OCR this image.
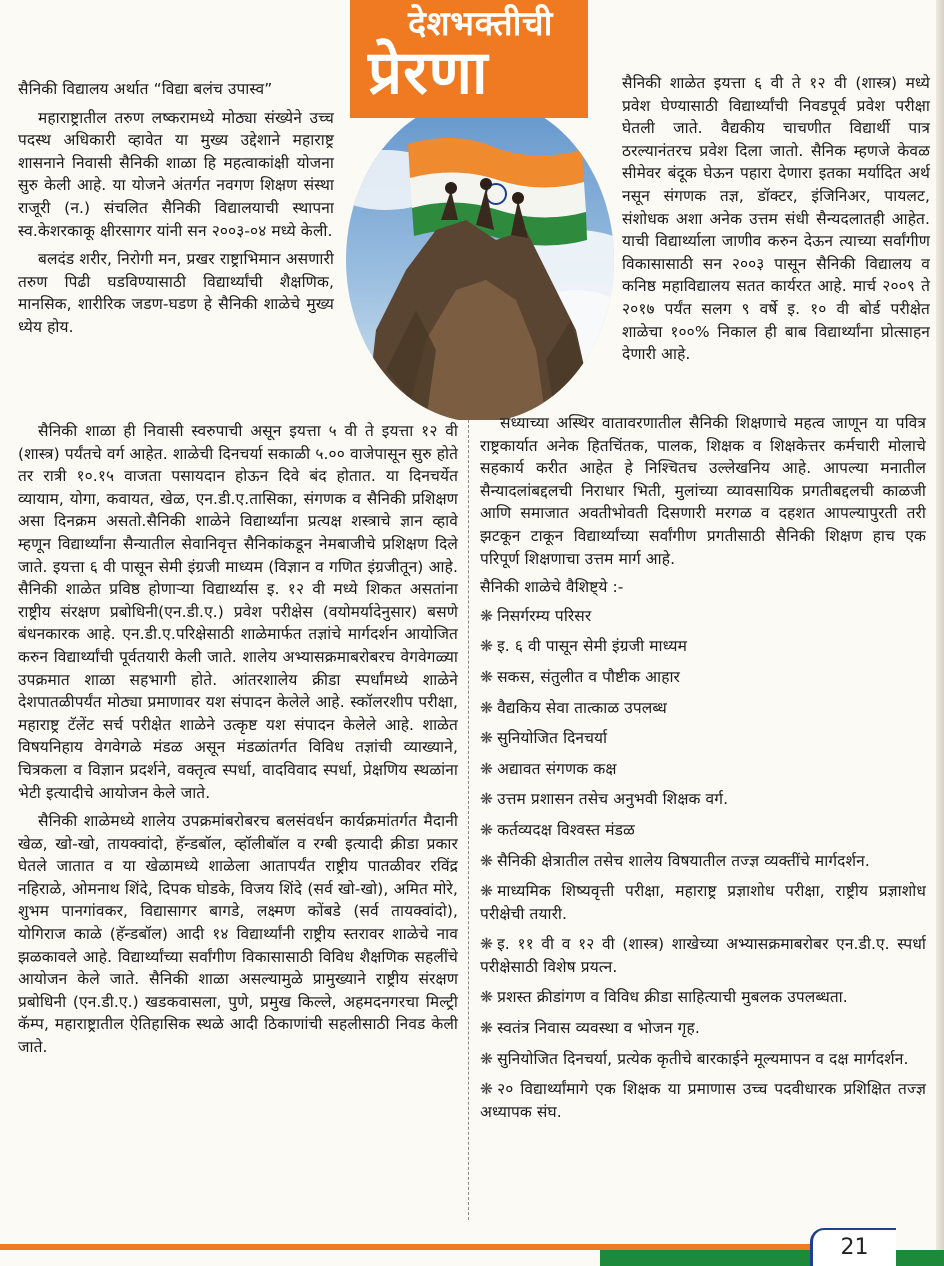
देशभक्तीची
प्रेरणा

सैनिकी विद्यालय अर्थात “विद्या बलंच उपास्व”

महाराष्ट्रातील तरुण लष्करामध्ये मोठ्या संख्येने उच्च पदस्थ अधिकारी व्हावेत या मुख्य उद्देशाने महाराष्ट्र शासनाने निवासी सैनिकी शाळा हि महत्वाकांक्षी योजना सुरु केली आहे. या योजने अंतर्गत नवगण शिक्षण संस्था राजूरी (न.) संचलित सैनिकी विद्यालयाची स्थापना स्व.केशरकाकू क्षीरसागर यांनी सन २००३-०४ मध्ये केली.

बलदंड शरीर, निरोगी मन, प्रखर राष्ट्राभिमान असणारी तरुण पिढी घडविण्यासाठी विद्यार्थ्यांची शैक्षणिक, मानसिक, शारीरिक जडण-घडण हे सैनिकी शाळेचे मुख्य ध्येय होय.

सैनिकी शाळा ही निवासी स्वरुपाची असून इयत्ता ५ वी ते इयत्ता १२ वी (शास्त्र) पर्यंतचे वर्ग आहेत. शाळेची दिनचर्या सकाळी ५.०० वाजेपासून सुरु होते तर रात्री १०.१५ वाजता पसायदान होऊन दिवे बंद होतात. या दिनचर्येत व्यायाम, योगा, कवायत, खेळ, एन.डी.ए.तासिका, संगणक व सैनिकी प्रशिक्षण असा दिनक्रम असतो.सैनिकी शाळेने विद्यार्थ्यांना प्रत्यक्ष शस्त्राचे ज्ञान व्हावे म्हणून विद्यार्थ्यांना सैन्यातील सेवानिवृत्त सैनिकांकडून नेमबाजीचे प्रशिक्षण दिले जाते. इयत्ता ६ वी पासून सेमी इंग्रजी माध्यम (विज्ञान व गणित इंग्रजीतून) आहे. सैनिकी शाळेत प्रविष्ठ होणाऱ्या विद्यार्थ्यास इ. १२ वी मध्ये शिकत असतांना राष्ट्रीय संरक्षण प्रबोधिनी(एन.डी.ए.) प्रवेश परीक्षेस (वयोमर्यादेनुसार) बसणे बंधनकारक आहे. एन.डी.ए.परिक्षेसाठी शाळेमार्फत तज्ञांचे मार्गदर्शन आयोजित करुन विद्यार्थ्यांची पूर्वतयारी केली जाते. शालेय अभ्यासक्रमाबरोबरच वेगवेगळ्या उपक्रमात शाळा सहभागी होते. आंतरशालेय क्रीडा स्पर्धांमध्ये शाळेने देशपातळीपर्यंत मोठ्या प्रमाणावर यश संपादन केलेले आहे. स्कॉलरशीप परीक्षा, महाराष्ट्र टॅलेंट सर्च परीक्षेत शाळेने उत्कृष्ट यश संपादन केलेले आहे. शाळेत विषयनिहाय वेगवेगळे मंडळ असून मंडळांतर्गत विविध तज्ञांची व्याख्याने, चित्रकला व विज्ञान प्रदर्शने, वक्तृत्व स्पर्धा, वादविवाद स्पर्धा, प्रेक्षणिय स्थळांना भेटी इत्यादीचे आयोजन केले जाते.

सैनिकी शाळेमध्ये शालेय उपक्रमांबरोबरच बलसंवर्धन कार्यक्रमांतर्गत मैदानी खेळ, खो-खो, तायक्वांदो, हॅन्डबॉल, व्हॉलीबॉल व रग्बी इत्यादी क्रीडा प्रकार घेतले जातात व या खेळामध्ये शाळेला आतापर्यंत राष्ट्रीय पातळीवर रविंद्र नहिराळे, ओमनाथ शिंदे, दिपक घोडके, विजय शिंदे (सर्व खो-खो), अमित मोरे, शुभम पानगांवकर, विद्यासागर बागडे, लक्ष्मण कोंबडे (सर्व तायक्वांदो), योगिराज काळे (हॅन्डबॉल) आदी १४ विद्यार्थ्यांनी राष्ट्रीय स्तरावर शाळेचे नाव झळकावले आहे. विद्यार्थ्यांच्या सर्वांगीण विकासासाठी विविध शैक्षणिक सहलींचे आयोजन केले जाते. सैनिकी शाळा असल्यामुळे प्रामुख्याने राष्ट्रीय संरक्षण प्रबोधिनी (एन.डी.ए.) खडकवासला, पुणे, प्रमुख किल्ले, अहमदनगरचा मिल्ट्री कॅम्प, महाराष्ट्रातील ऐतिहासिक स्थळे आदी ठिकाणांची सहलीसाठी निवड केली जाते.

सैनिकी शाळेत इयत्ता ६ वी ते १२ वी (शास्त्र) मध्ये प्रवेश घेण्यासाठी विद्यार्थ्यांची निवडपूर्व प्रवेश परीक्षा घेतली जाते. वैद्यकीय चाचणीत विद्यार्थी पात्र ठरल्यानंतरच प्रवेश दिला जातो. सैनिक म्हणजे केवळ सीमेवर बंदूक घेऊन पहारा देणारा इतका मर्यादित अर्थ नसून संगणक तज्ञ, डॉक्टर, इंजिनिअर, पायलट, संशोधक अशा अनेक उत्तम संधी सैन्यदलातही आहेत. याची विद्यार्थ्याला जाणीव करुन देऊन त्याच्या सर्वांगीण विकासासाठी सन २००३ पासून सैनिकी विद्यालय व कनिष्ठ महाविद्यालय सतत कार्यरत आहे. मार्च २००९ ते २०१७ पर्यंत सलग ९ वर्षे इ. १० वी बोर्ड परीक्षेत शाळेचा १००% निकाल ही बाब विद्यार्थ्यांना प्रोत्साहन देणारी आहे.

सध्याच्या अस्थिर वातावरणातील सैनिकी शिक्षणाचे महत्व जाणून या पवित्र राष्ट्रकार्यात अनेक हितचिंतक, पालक, शिक्षक व शिक्षकेत्तर कर्मचारी मोलाचे सहकार्य करीत आहेत हे निश्चितच उल्लेखनिय आहे. आपल्या मनातील सैन्यादलांबद्दलची निराधार भिती, मुलांच्या व्यावसायिक प्रगतीबद्दलची काळजी आणि समाजात अवतीभोवती दिसणारी मरगळ व दहशत आपल्यापुरती तरी झटकून टाकून विद्यार्थ्यांच्या सर्वांगीण प्रगतीसाठी सैनिकी शिक्षण हाच एक परिपूर्ण शिक्षणाचा उत्तम मार्ग आहे.

सैनिकी शाळेचे वैशिष्ट्ये :-

❋ निसर्गरम्य परिसर

❋ इ. ६ वी पासून सेमी इंग्रजी माध्यम

❋ सकस, संतुलीत व पौष्टीक आहार

❋ वैद्यकिय सेवा तात्काळ उपलब्ध

❋ सुनियोजित दिनचर्या

❋ अद्यावत संगणक कक्ष

❋ उत्तम प्रशासन तसेच अनुभवी शिक्षक वर्ग.

❋ कर्तव्यदक्ष विश्वस्त मंडळ

❋ सैनिकी क्षेत्रातील तसेच शालेय विषयातील तज्ज्ञ व्यक्तींचे मार्गदर्शन.

❋ माध्यमिक शिष्यवृत्ती परीक्षा, महाराष्ट्र प्रज्ञाशोध परीक्षा, राष्ट्रीय प्रज्ञाशोध परीक्षेची तयारी.

❋ इ. ११ वी व १२ वी (शास्त्र) शाखेच्या अभ्यासक्रमाबरोबर एन.डी.ए. स्पर्धा परीक्षेसाठी विशेष प्रयत्न.

❋ प्रशस्त क्रीडांगण व विविध क्रीडा साहित्याची मुबलक उपलब्धता.

❋ स्वतंत्र निवास व्यवस्था व भोजन गृह.

❋ सुनियोजित दिनचर्या, प्रत्येक कृतीचे बारकाईने मूल्यमापन व दक्ष मार्गदर्शन.

❋ २० विद्यार्थ्यांमागे एक शिक्षक या प्रमाणास उच्च पदवीधारक प्रशिक्षित तज्ज्ञ अध्यापक संघ.

21
